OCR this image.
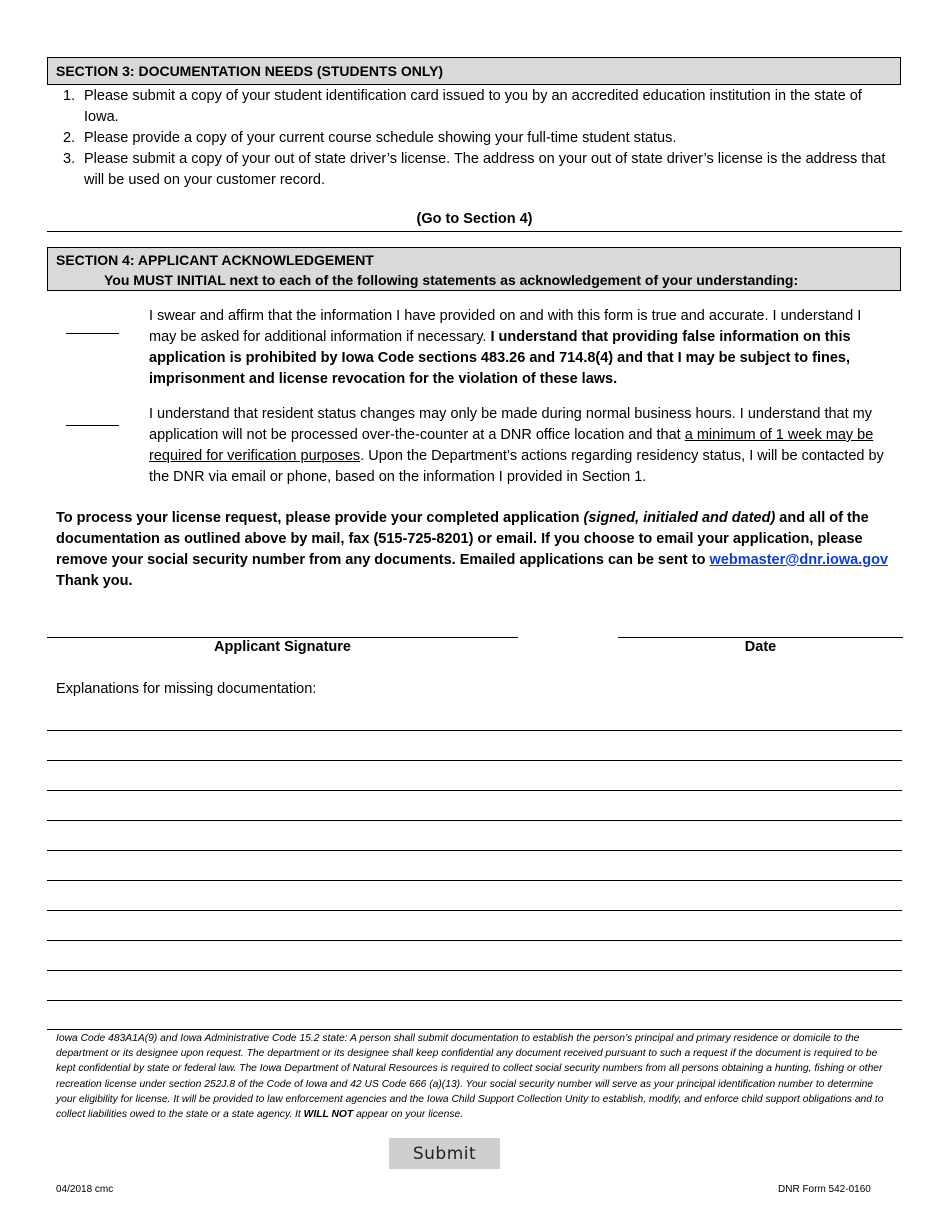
SECTION 3: DOCUMENTATION NEEDS (STUDENTS ONLY)
1. Please submit a copy of your student identification card issued to you by an accredited education institution in the state of Iowa.
2. Please provide a copy of your current course schedule showing your full-time student status.
3. Please submit a copy of your out of state driver’s license. The address on your out of state driver’s license is the address that will be used on your customer record.
(Go to Section 4)
SECTION 4: APPLICANT ACKNOWLEDGEMENT
You MUST INITIAL next to each of the following statements as acknowledgement of your understanding:
I swear and affirm that the information I have provided on and with this form is true and accurate. I understand I may be asked for additional information if necessary. I understand that providing false information on this application is prohibited by Iowa Code sections 483.26 and 714.8(4) and that I may be subject to fines, imprisonment and license revocation for the violation of these laws.
I understand that resident status changes may only be made during normal business hours. I understand that my application will not be processed over-the-counter at a DNR office location and that a minimum of 1 week may be required for verification purposes. Upon the Department’s actions regarding residency status, I will be contacted by the DNR via email or phone, based on the information I provided in Section 1.
To process your license request, please provide your completed application (signed, initialed and dated) and all of the documentation as outlined above by mail, fax (515-725-8201) or email. If you choose to email your application, please remove your social security number from any documents. Emailed applications can be sent to webmaster@dnr.iowa.gov Thank you.
Applicant Signature	Date
Explanations for missing documentation:
Iowa Code 483A1A(9) and Iowa Administrative Code 15.2 state: A person shall submit documentation to establish the person’s principal and primary residence or domicile to the department or its designee upon request. The department or its designee shall keep confidential any document received pursuant to such a request if the document is required to be kept confidential by state or federal law. The Iowa Department of Natural Resources is required to collect social security numbers from all persons obtaining a hunting, fishing or other recreation license under section 252J.8 of the Code of Iowa and 42 US Code 666 (a)(13). Your social security number will serve as your principal identification number to determine your eligibility for license. It will be provided to law enforcement agencies and the Iowa Child Support Collection Unity to establish, modify, and enforce child support obligations and to collect liabilities owed to the state or a state agency. It WILL NOT appear on your license.
Submit
04/2018 cmc	DNR Form 542-0160
